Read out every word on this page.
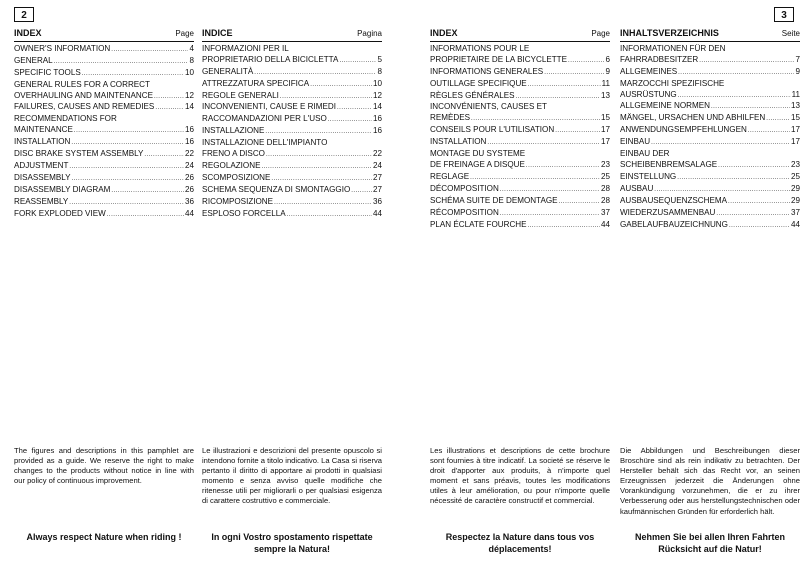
2	3
INDEX	Page
OWNER'S INFORMATION .....	4
GENERAL .....	8
SPECIFIC TOOLS .....	10
GENERAL RULES FOR A CORRECT
OVERHAULING AND MAINTENANCE .....	12
FAILURES, CAUSES AND REMEDIES .....	14
RECOMMENDATIONS FOR
MAINTENANCE .....	16
INSTALLATION .....	16
DISC BRAKE SYSTEM ASSEMBLY .....	22
ADJUSTMENT .....	24
DISASSEMBLY .....	26
DISASSEMBLY DIAGRAM .....	26
REASSEMBLY .....	36
FORK EXPLODED VIEW .....	44
INDICE	Pagina
INFORMAZIONI PER IL
PROPRIETARIO DELLA BICICLETTA .....	5
GENERALITÀ .....	8
ATTREZZATURA SPECIFICA .....	10
REGOLE GENERALI .....	12
INCONVENIENTI, CAUSE E RIMEDI .....	14
RACCOMANDAZIONI PER L'USO .....	16
INSTALLAZIONE .....	16
INSTALLAZIONE DELL'IMPIANTO
FRENO A DISCO .....	22
REGOLAZIONE .....	24
SCOMPOSIZIONE .....	27
SCHEMA SEQUENZA DI SMONTAGGIO .....	27
RICOMPOSIZIONE .....	36
ESPLOSO FORCELLA .....	44
INDEX	Page
INFORMATIONS POUR LE
PROPRIETAIRE DE LA BICYCLETTE .....	6
INFORMATIONS GENERALES .....	9
OUTILLAGE SPECIFIQUE .....	11
RÈGLES GÉNÉRALES .....	13
INCONVÉNIENTS, CAUSES ET
REMÈDES .....	15
CONSEILS POUR L'UTILISATION .....	17
INSTALLATION .....	17
MONTAGE DU SYSTEME
DE FREINAGE A DISQUE .....	23
REGLAGE .....	25
DÉCOMPOSITION .....	28
SCHÉMA SUITE DE DEMONTAGE .....	28
RÉCOMPOSITION .....	37
PLAN ÉCLATE FOURCHE .....	44
INHALTSVERZEICHNIS	Seite
INFORMATIONEN FÜR DEN
FAHRRADBESITZER .....	7
ALLGEMEINES .....	9
MARZOCCHI SPEZIFISCHE
AUSRÜSTUNG .....	11
ALLGEMEINE NORMEN .....	13
MÄNGEL, URSACHEN UND ABHILFEN .....	15
ANWENDUNGSEMPFEHLUNGEN .....	17
EINBAU .....	17
EINBAU DER
SCHEIBENBREMSALAGE .....	23
EINSTELLUNG .....	25
AUSBAU .....	29
AUSBAUSEQUENZSCHEMA .....	29
WIEDERZUSAMMENBAU .....	37
GABELAUFBAUZEICHNUNG .....	44

The figures and descriptions in this pamphlet are provided as a guide. We reserve the right to make changes to the products without notice in line with our policy of continuous improvement.

Le illustrazioni e descrizioni del presente opuscolo si intendono fornite a titolo indicativo. La Casa si riserva pertanto il diritto di apportare ai prodotti in qualsiasi momento e senza avviso quelle modifiche che ritenesse utili per migliorarli o per qualsiasi esigenza di carattere costruttivo e commerciale.

Les illustrations et descriptions de cette brochure sont fournies à titre indicatif. La societé se réserve le droit d'apporter aux produits, à n'importe quel moment et sans préavis, toutes les modifications utiles à leur amélioration, ou pour n'importe quelle nécessité de caractère constructif et commercial.

Die Abbildungen und Beschreibungen dieser Broschüre sind als rein indikativ zu betrachten. Der Hersteller behält sich das Recht vor, an seinen Erzeugnissen jederzeit die Änderungen ohne Vorankündigung vorzunehmen, die er zu ihrer Verbesserung oder aus herstellungstechnischen oder kaufmännischen Gründen für erforderlich hält.

Always respect Nature when riding !	In ogni Vostro spostamento rispettate sempre la Natura!
Respectez la Nature dans tous vos déplacements!
Nehmen Sie bei allen Ihren Fahrten Rücksicht auf die Natur!
